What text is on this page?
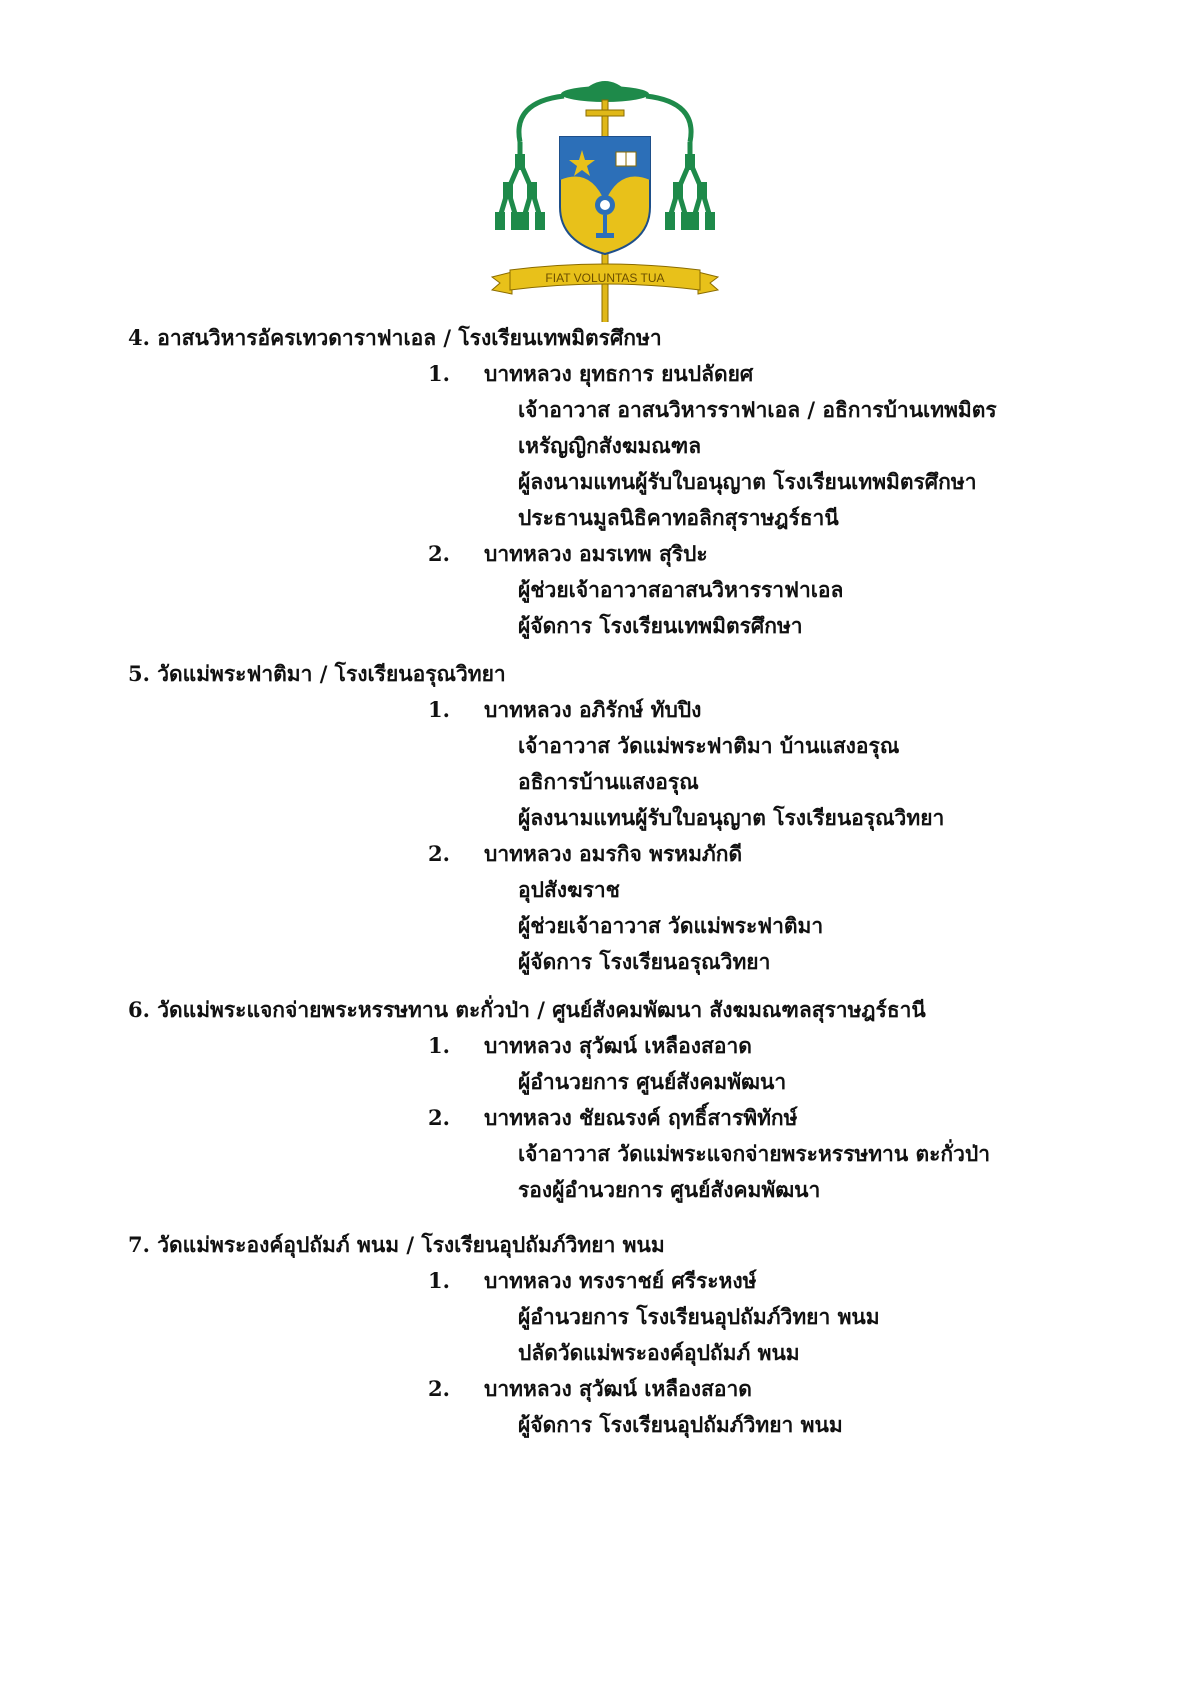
FIAT VOLUNTAS TUA
4. อาสนวิหารอัครเทวดาราฟาเอล / โรงเรียนเทพมิตรศึกษา
1. บาทหลวง ยุทธการ ยนปลัดยศ
เจ้าอาวาส อาสนวิหารราฟาเอล / อธิการบ้านเทพมิตร
เหรัญญิกสังฆมณฑล
ผู้ลงนามแทนผู้รับใบอนุญาต โรงเรียนเทพมิตรศึกษา
ประธานมูลนิธิคาทอลิกสุราษฎร์ธานี
2. บาทหลวง อมรเทพ สุริปะ
ผู้ช่วยเจ้าอาวาสอาสนวิหารราฟาเอล
ผู้จัดการ โรงเรียนเทพมิตรศึกษา
5. วัดแม่พระฟาติมา / โรงเรียนอรุณวิทยา
1. บาทหลวง อภิรักษ์ ทับปิง
เจ้าอาวาส วัดแม่พระฟาติมา บ้านแสงอรุณ
อธิการบ้านแสงอรุณ
ผู้ลงนามแทนผู้รับใบอนุญาต โรงเรียนอรุณวิทยา
2. บาทหลวง อมรกิจ พรหมภักดี
อุปสังฆราช
ผู้ช่วยเจ้าอาวาส วัดแม่พระฟาติมา
ผู้จัดการ โรงเรียนอรุณวิทยา
6. วัดแม่พระแจกจ่ายพระหรรษทาน ตะกั่วป่า / ศูนย์สังคมพัฒนา สังฆมณฑลสุราษฎร์ธานี
1. บาทหลวง สุวัฒน์ เหลืองสอาด
ผู้อำนวยการ ศูนย์สังคมพัฒนา
2. บาทหลวง ชัยณรงค์ ฤทธิ์สารพิทักษ์
เจ้าอาวาส วัดแม่พระแจกจ่ายพระหรรษทาน ตะกั่วป่า
รองผู้อำนวยการ ศูนย์สังคมพัฒนา
7. วัดแม่พระองค์อุปถัมภ์ พนม / โรงเรียนอุปถัมภ์วิทยา พนม
1. บาทหลวง ทรงราชย์ ศรีระหงษ์
ผู้อำนวยการ โรงเรียนอุปถัมภ์วิทยา พนม
ปลัดวัดแม่พระองค์อุปถัมภ์ พนม
2. บาทหลวง สุวัฒน์ เหลืองสอาด
ผู้จัดการ โรงเรียนอุปถัมภ์วิทยา พนม
